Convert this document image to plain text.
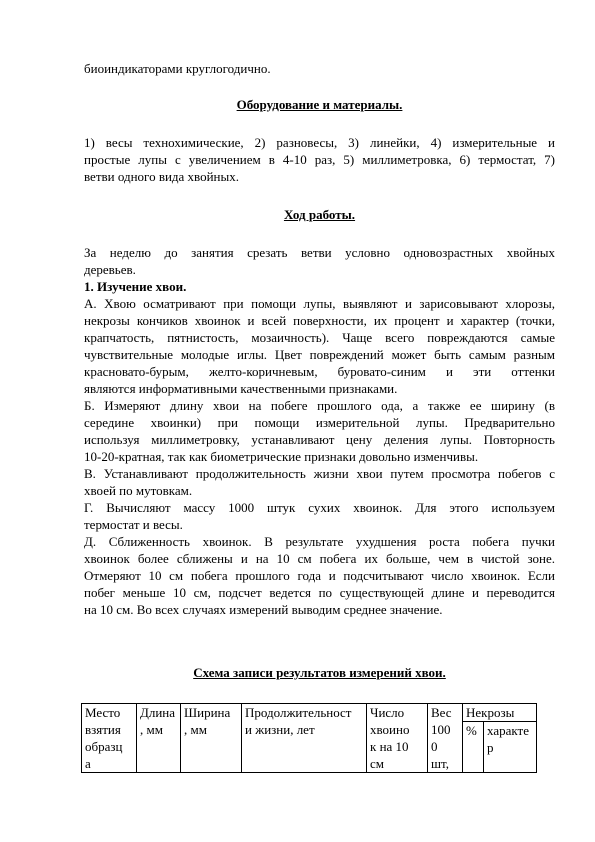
биоиндикаторами круглогодично.
Оборудование и материалы.
1) весы технохимические, 2) разновесы, 3) линейки, 4) измерительные и
простые лупы с увеличением в 4-10 раз, 5) миллиметровка, 6) термостат, 7)
ветви одного вида хвойных.
Ход работы.
За неделю до занятия срезать ветви условно одновозрастных хвойных
деревьев.
1. Изучение хвои.
А. Хвою осматривают при помощи лупы, выявляют и зарисовывают хлорозы,
некрозы кончиков хвоинок и всей поверхности, их процент и характер (точки,
крапчатость, пятнистость, мозаичность). Чаще всего повреждаются самые
чувствительные молодые иглы. Цвет повреждений может быть самым разным
красновато-бурым, желто-коричневым, буровато-синим и эти оттенки
являются информативными качественными признаками.
Б. Измеряют длину хвои на побеге прошлого ода, а также ее ширину (в
середине хвоинки) при помощи измерительной лупы. Предварительно
используя миллиметровку, устанавливают цену деления лупы. Повторность
10-20-кратная, так как биометрические признаки довольно изменчивы.
В. Устанавливают продолжительность жизни хвои путем просмотра побегов с
хвоей по мутовкам.
Г. Вычисляют массу 1000 штук сухих хвоинок. Для этого используем
термостат и весы.
Д. Сближенность хвоинок. В результате ухудшения роста побега пучки
хвоинок более сближены и на 10 см побега их больше, чем в чистой зоне.
Отмеряют 10 см побега прошлого года и подсчитывают число хвоинок. Если
побег меньше 10 см, подсчет ведется по существующей длине и переводится
на 10 см. Во всех случаях измерений выводим среднее значение.
Схема записи результатов измерений хвои.
Место
взятия
образц
а	Длина
, мм	Ширина
, мм	Продолжительност
и жизни, лет	Число
хвоино
к на 10
см	Вес
100
0
шт,	Некрозы	

						%	характе
р
